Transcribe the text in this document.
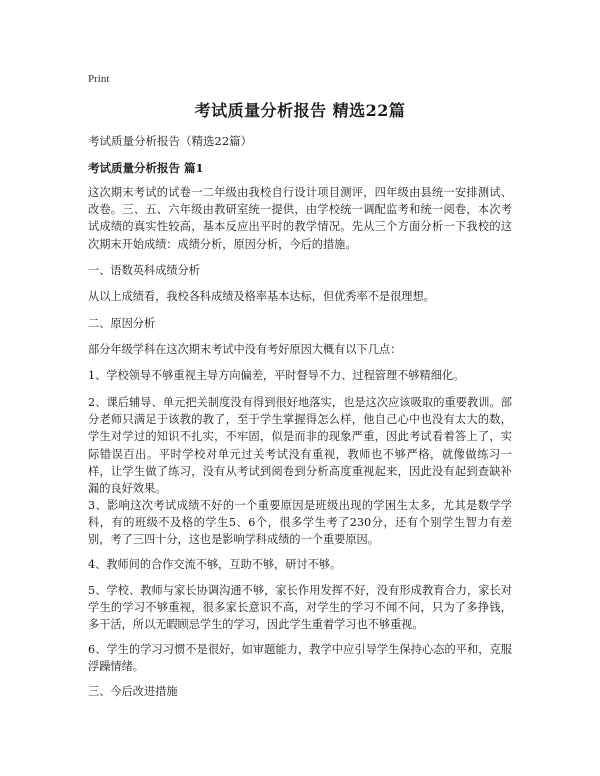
Print
考试质量分析报告 精选22篇
考试质量分析报告（精选22篇）
考试质量分析报告 篇1

这次期末考试的试卷一二年级由我校自行设计项目测评，四年级由县统一安排测试、改卷。三、五、六年级由教研室统一提供，由学校统一调配监考和统一阅卷，本次考试成绩的真实性较高，基本反应出平时的教学情况。先从三个方面分析一下我校的这次期末开始成绩：成绩分析，原因分析，今后的措施。

一、语数英科成绩分析

从以上成绩看，我校各科成绩及格率基本达标，但优秀率不是很理想。

二、原因分析

部分年级学科在这次期末考试中没有考好原因大概有以下几点：

1、学校领导不够重视主导方向偏差，平时督导不力、过程管理不够精细化。

2、课后辅导、单元把关制度没有得到很好地落实，也是这次应该吸取的重要教训。部分老师只满足于该教的教了，至于学生掌握得怎么样，他自己心中也没有太大的数，学生对学过的知识不扎实，不牢固，似是而非的现象严重，因此考试看着答上了，实际错误百出。平时学校对单元过关考试没有重视，教师也不够严格，就像做练习一样，让学生做了练习，没有从考试到阅卷到分析高度重视起来，因此没有起到查缺补漏的良好效果。

3、影响这次考试成绩不好的一个重要原因是班级出现的学困生太多，尤其是数学学科，有的班级不及格的学生5、6个，很多学生考了230分，还有个别学生智力有差别，考了三四十分，这也是影响学科成绩的一个重要原因。

4、教师间的合作交流不够，互助不够，研讨不够。

5、学校、教师与家长协调沟通不够，家长作用发挥不好，没有形成教育合力，家长对学生的学习不够重视，很多家长意识不高，对学生的学习不闻不问，只为了多挣钱，多干活，所以无暇顾忌学生的学习，因此学生重着学习也不够重视。

6、学生的学习习惯不是很好，如审题能力，教学中应引导学生保持心态的平和，克服浮躁情绪。

三、今后改进措施
